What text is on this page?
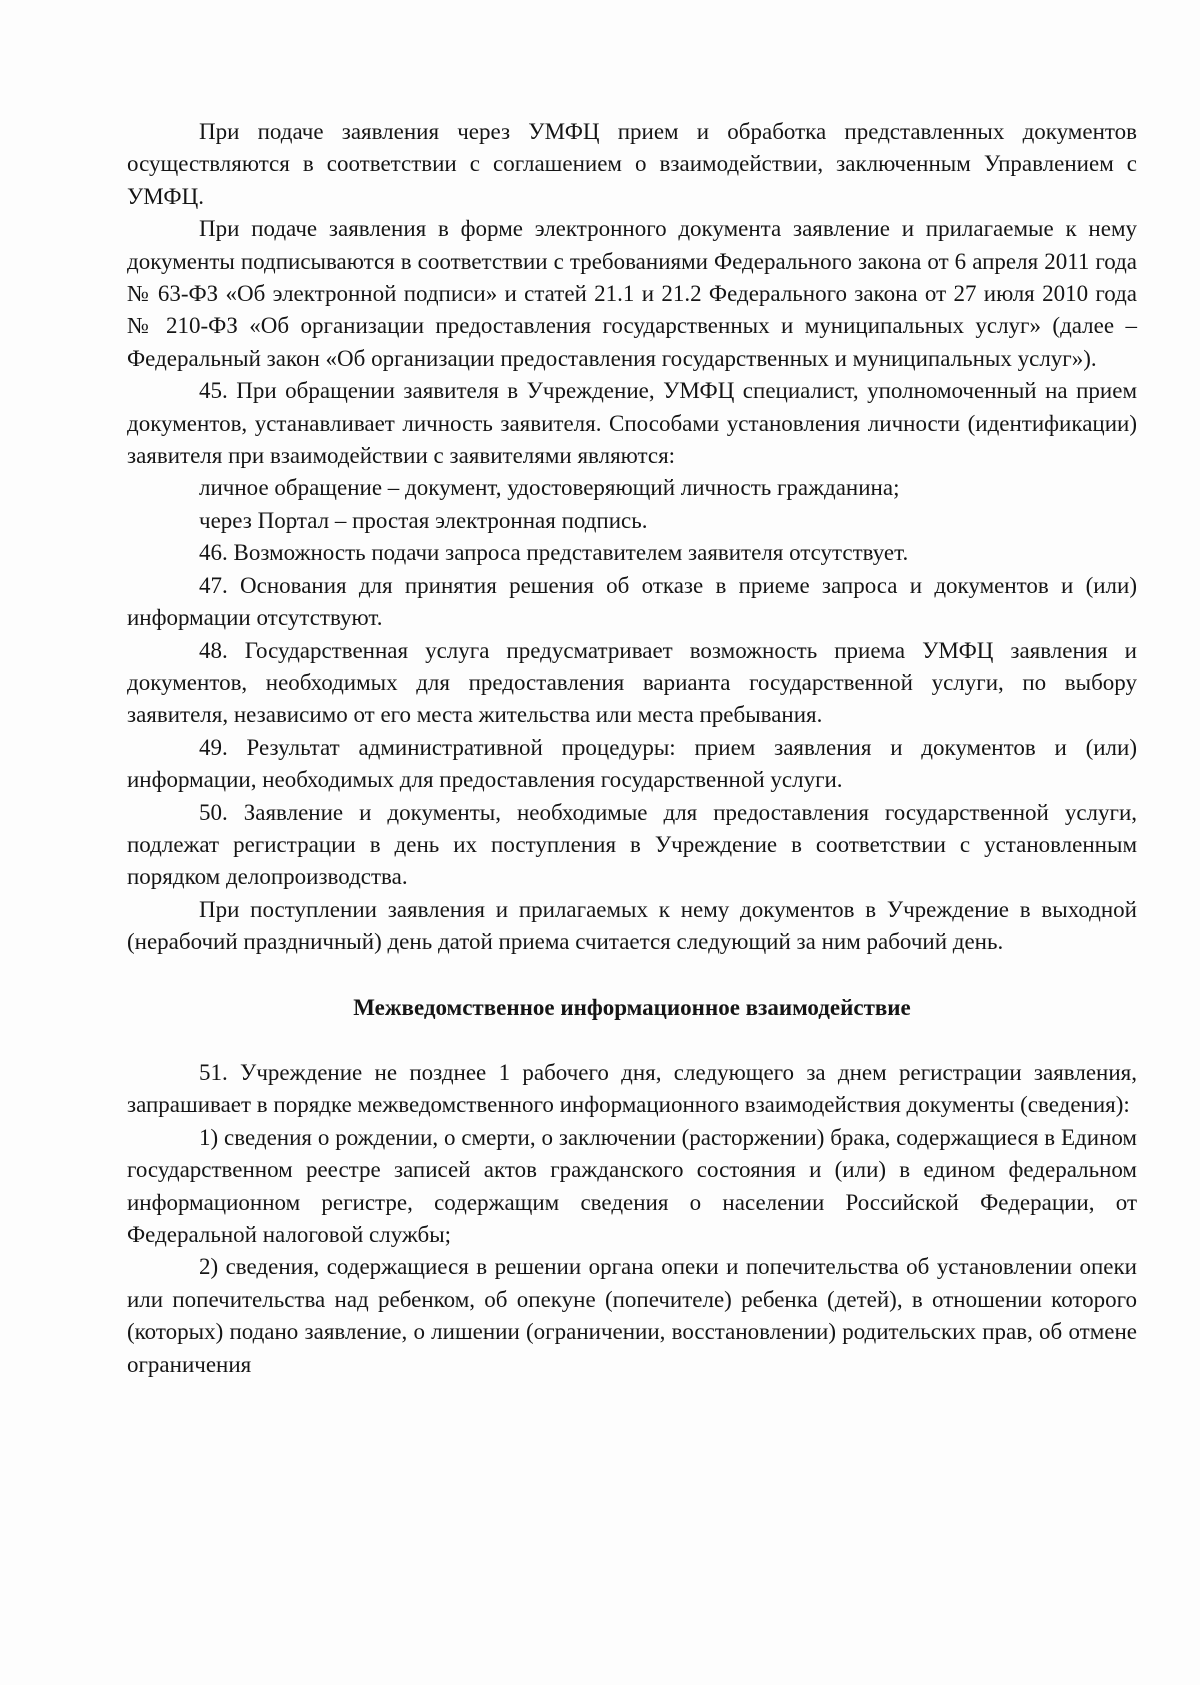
При подаче заявления через УМФЦ прием и обработка представленных документов осуществляются в соответствии с соглашением о взаимодействии, заключенным Управлением с УМФЦ.

При подаче заявления в форме электронного документа заявление и прилагаемые к нему документы подписываются в соответствии с требованиями Федерального закона от 6 апреля 2011 года № 63-ФЗ «Об электронной подписи» и статей 21.1 и 21.2 Федерального закона от 27 июля 2010 года № 210-ФЗ «Об организации предоставления государственных и муниципальных услуг» (далее – Федеральный закон «Об организации предоставления государственных и муниципальных услуг»).

45. При обращении заявителя в Учреждение, УМФЦ специалист, уполномоченный на прием документов, устанавливает личность заявителя. Способами установления личности (идентификации) заявителя при взаимодействии с заявителями являются:

личное обращение – документ, удостоверяющий личность гражданина;

через Портал – простая электронная подпись.

46. Возможность подачи запроса представителем заявителя отсутствует.

47. Основания для принятия решения об отказе в приеме запроса и документов и (или) информации отсутствуют.

48. Государственная услуга предусматривает возможность приема УМФЦ заявления и документов, необходимых для предоставления варианта государственной услуги, по выбору заявителя, независимо от его места жительства или места пребывания.

49. Результат административной процедуры: прием заявления и документов и (или) информации, необходимых для предоставления государственной услуги.

50. Заявление и документы, необходимые для предоставления государственной услуги, подлежат регистрации в день их поступления в Учреждение в соответствии с установленным порядком делопроизводства.

При поступлении заявления и прилагаемых к нему документов в Учреждение в выходной (нерабочий праздничный) день датой приема считается следующий за ним рабочий день.

Межведомственное информационное взаимодействие

51. Учреждение не позднее 1 рабочего дня, следующего за днем регистрации заявления, запрашивает в порядке межведомственного информационного взаимодействия документы (сведения):

1) сведения о рождении, о смерти, о заключении (расторжении) брака, содержащиеся в Едином государственном реестре записей актов гражданского состояния и (или) в едином федеральном информационном регистре, содержащим сведения о населении Российской Федерации, от Федеральной налоговой службы;

2) сведения, содержащиеся в решении органа опеки и попечительства об установлении опеки или попечительства над ребенком, об опекуне (попечителе) ребенка (детей), в отношении которого (которых) подано заявление, о лишении (ограничении, восстановлении) родительских прав, об отмене ограничения
